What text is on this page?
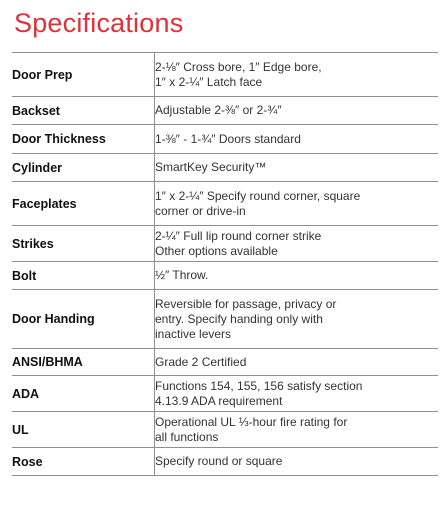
Specifications
Door Prep	2-⅛″ Cross bore, 1″ Edge bore,
1″ x 2-¼″ Latch face

Backset	Adjustable 2-⅜″ or 2-¾″

Door Thickness	1-⅜″ - 1-¾″ Doors standard

Cylinder	SmartKey Security™

Faceplates	1″ x 2-¼″ Specify round corner, square
corner or drive-in

Strikes	2-¼″ Full lip round corner strike
Other options available

Bolt	½″ Throw.

Door Handing	Reversible for passage, privacy or
entry. Specify handing only with
inactive levers

ANSI/BHMA	Grade 2 Certified

ADA	Functions 154, 155, 156 satisfy section
4.13.9 ADA requirement

UL	Operational UL ⅓-hour fire rating for
all functions

Rose	Specify round or square
